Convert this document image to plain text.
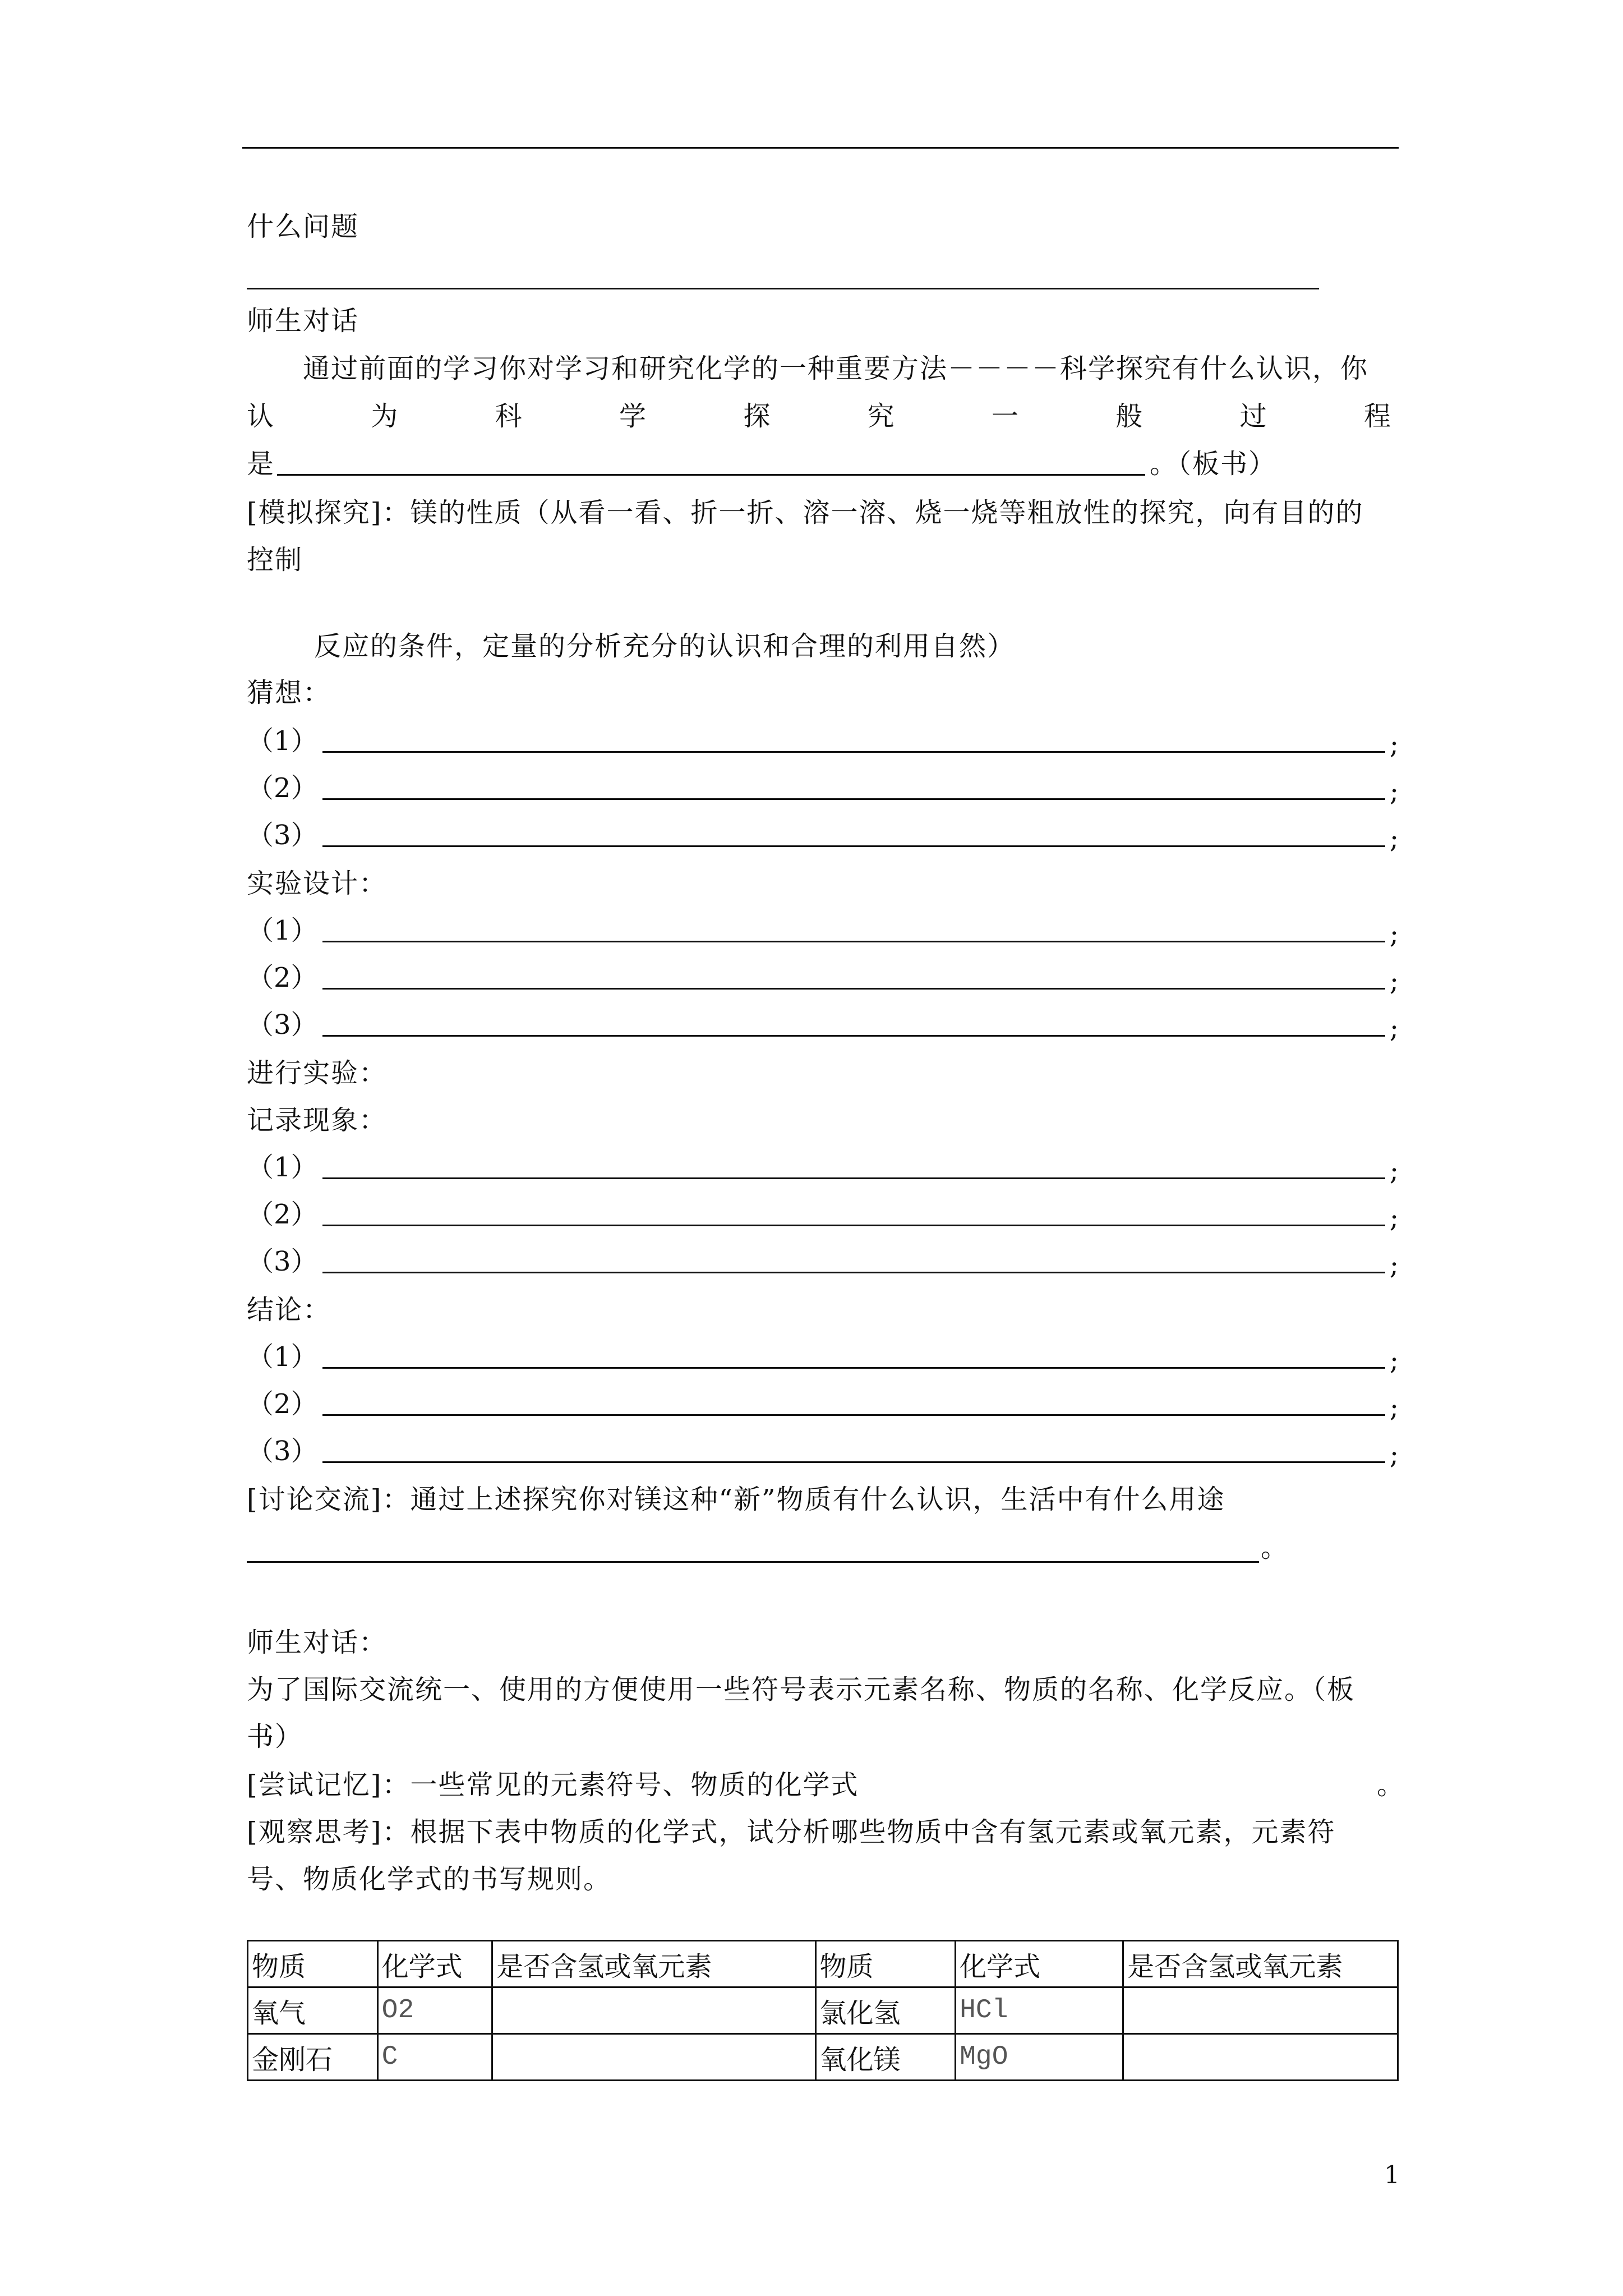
什么问题
师生对话
通过前面的学习你对学习和研究化学的一种重要方法－－－－科学探究有什么认识，你
认	为	科	学	探	究	一	般	过	程
是	。（板书）
[模拟探究]：镁的性质（从看一看、折一折、溶一溶、烧一烧等粗放性的探究，向有目的的
控制
反应的条件，定量的分析充分的认识和合理的利用自然）
猜想：
（1）	;
（2）	;
（3）	;
实验设计：
（1）	;
（2）	;
（3）	;
进行实验：
记录现象：
（1）	;
（2）	;
（3）	;
结论：
（1）	;
（2）	;
（3）	;
[讨论交流]：通过上述探究你对镁这种“新”物质有什么认识，生活中有什么用途
。
师生对话：
为了国际交流统一、使用的方便使用一些符号表示元素名称、物质的名称、化学反应。（板
书）
[尝试记忆]：一些常见的元素符号、物质的化学式	。
[观察思考]：根据下表中物质的化学式，试分析哪些物质中含有氢元素或氧元素，元素符
号、物质化学式的书写规则。
物质	化学式	是否含氢或氧元素	物质	化学式	是否含氢或氧元素
氧气	O2		氯化氢	HCl	
金刚石	C		氧化镁	MgO	
1
